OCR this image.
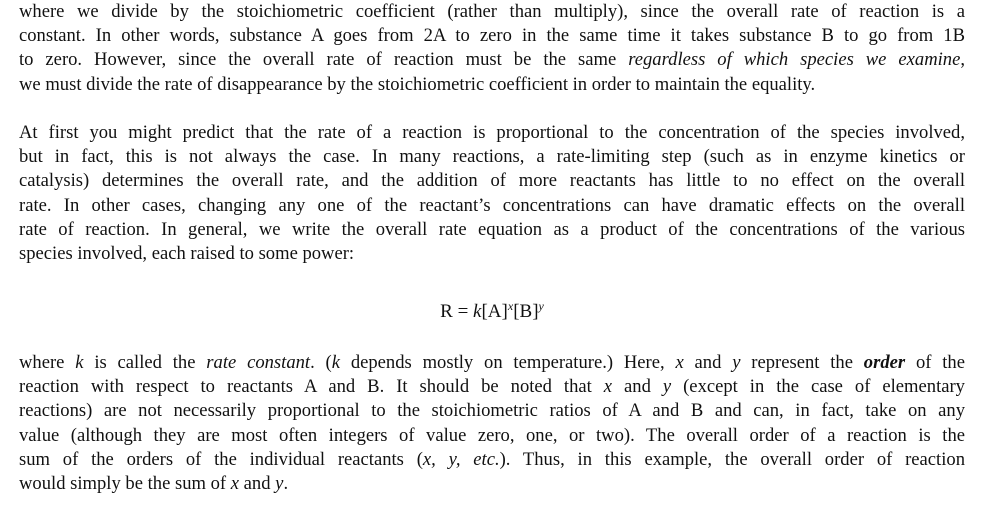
where we divide by the stoichiometric coefficient (rather than multiply), since the overall rate of reaction is a
constant. In other words, substance A goes from 2A to zero in the same time it takes substance B to go from 1B
to zero. However, since the overall rate of reaction must be the same regardless of which species we examine,
we must divide the rate of disappearance by the stoichiometric coefficient in order to maintain the equality.
At first you might predict that the rate of a reaction is proportional to the concentration of the species involved,
but in fact, this is not always the case. In many reactions, a rate-limiting step (such as in enzyme kinetics or
catalysis) determines the overall rate, and the addition of more reactants has little to no effect on the overall
rate. In other cases, changing any one of the reactant’s concentrations can have dramatic effects on the overall
rate of reaction. In general, we write the overall rate equation as a product of the concentrations of the various
species involved, each raised to some power:
$R = k[A]^x[B]^y$
where k is called the rate constant. (k depends mostly on temperature.) Here, x and y represent the order of the
reaction with respect to reactants A and B. It should be noted that x and y (except in the case of elementary
reactions) are not necessarily proportional to the stoichiometric ratios of A and B and can, in fact, take on any
value (although they are most often integers of value zero, one, or two). The overall order of a reaction is the
sum of the orders of the individual reactants (x, y, etc.). Thus, in this example, the overall order of reaction
would simply be the sum of x and y.
